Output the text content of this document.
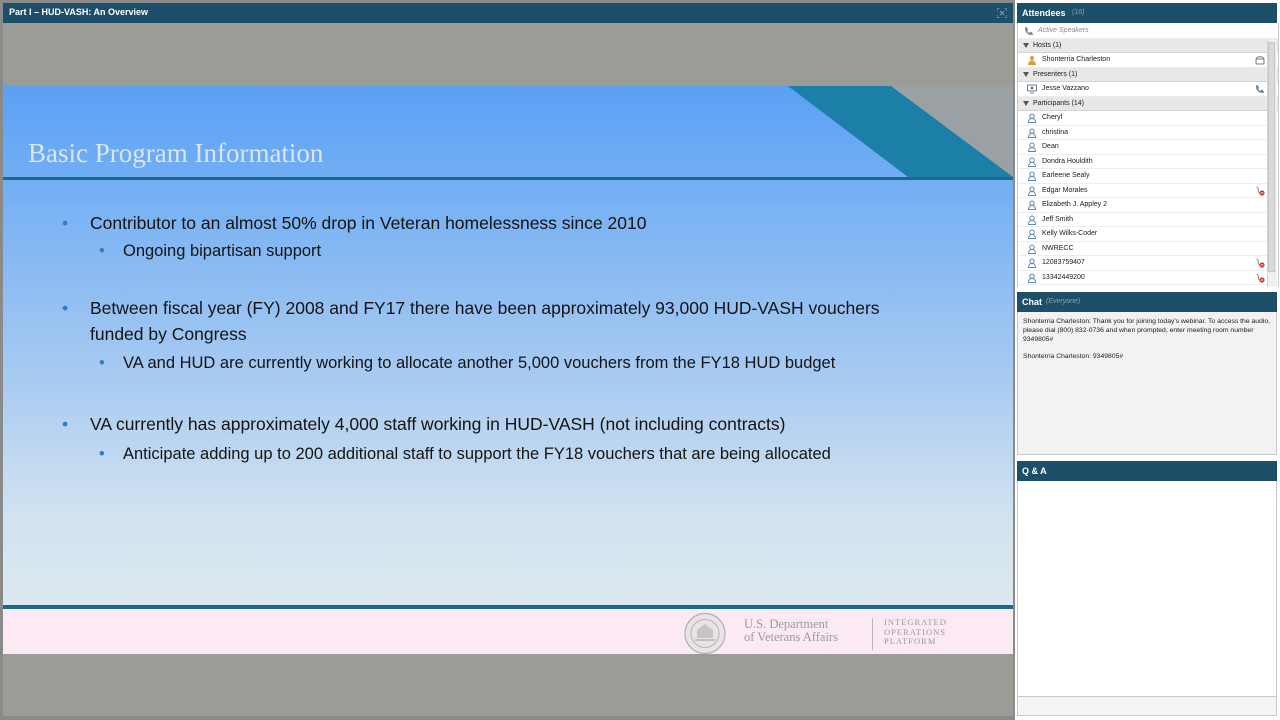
Part I – HUD-VASH: An Overview
Basic Program Information
• Contributor to an almost 50% drop in Veteran homelessness since 2010
• Ongoing bipartisan support
• Between fiscal year (FY) 2008 and FY17 there have been approximately 93,000 HUD-VASH vouchers
funded by Congress
• VA and HUD are currently working to allocate another 5,000 vouchers from the FY18 HUD budget
• VA currently has approximately 4,000 staff working in HUD-VASH (not including contracts)
• Anticipate adding up to 200 additional staff to support the FY18 vouchers that are being allocated
U.S. Department
of Veterans Affairs
INTEGRATED
OPERATIONS
PLATFORM
Attendees (16)
Active Speakers
Hosts (1)
Shonterria Charleston
Presenters (1)
Jesse Vazzano
Participants (14)
Cheryl
christina
Dean
Dondra Houldith
Earleene Sealy
Edgar Morales
Elizabeth J. Appley 2
Jeff Smith
Kelly Wilks-Coder
NWRECC
12083759407
13342449200
Chat (Everyone)
Shonterria Charleston: Thank you for joining today's webinar. To access the audio, please dial (800) 832-0736 and when prompted, enter meeting room number 9349805#
Shonterria Charleston: 9349805#
Q & A
